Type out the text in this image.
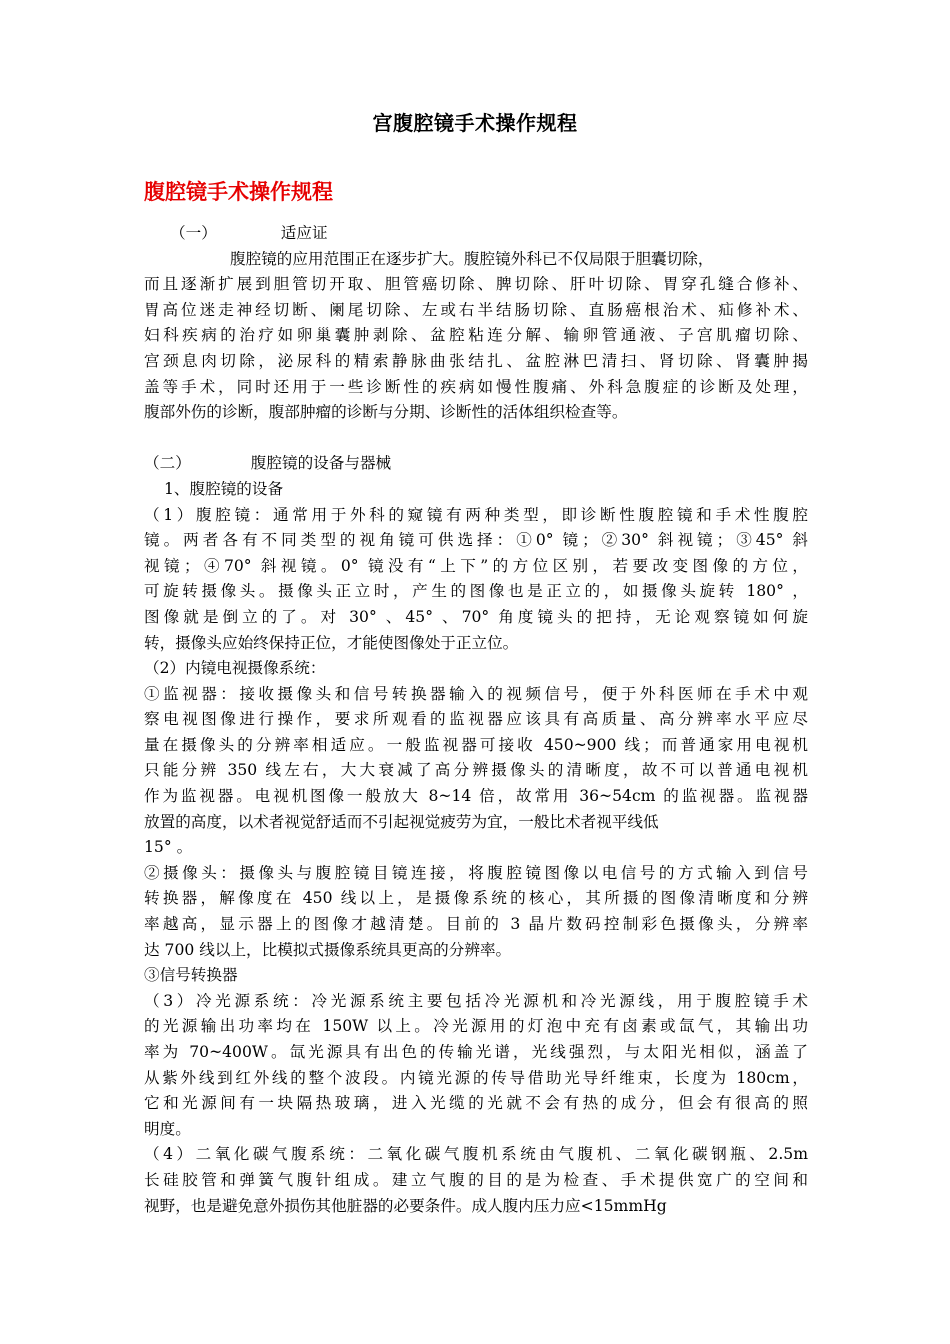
宫腹腔镜手术操作规程
腹腔镜手术操作规程
（一）	适应证
腹腔镜的应用范围正在逐步扩大。腹腔镜外科已不仅局限于胆囊切除，
而且逐渐扩展到胆管切开取、胆管癌切除、脾切除、肝叶切除、胃穿孔缝合修补、
胃高位迷走神经切断、阑尾切除、左或右半结肠切除、直肠癌根治术、疝修补术、
妇科疾病的治疗如卵巢囊肿剥除、盆腔粘连分解、输卵管通液、子宫肌瘤切除、
宫颈息肉切除，泌尿科的精索静脉曲张结扎、盆腔淋巴清扫、肾切除、肾囊肿揭
盖等手术，同时还用于一些诊断性的疾病如慢性腹痛、外科急腹症的诊断及处理，
腹部外伤的诊断，腹部肿瘤的诊断与分期、诊断性的活体组织检查等。
（二）	腹腔镜的设备与器械
1、腹腔镜的设备
（1）腹腔镜：通常用于外科的窥镜有两种类型，即诊断性腹腔镜和手术性腹腔
镜。两者各有不同类型的视角镜可供选择：①0° 镜；②30° 斜视镜；③45° 斜
视镜；④70° 斜视镜。0° 镜没有“上下”的方位区别，若要改变图像的方位，
可旋转摄像头。摄像头正立时，产生的图像也是正立的，如摄像头旋转 180° ，
图像就是倒立的了。对 30° 、45° 、70° 角度镜头的把持，无论观察镜如何旋
转，摄像头应始终保持正位，才能使图像处于正立位。
（2）内镜电视摄像系统：
①监视器：接收摄像头和信号转换器输入的视频信号，便于外科医师在手术中观
察电视图像进行操作，要求所观看的监视器应该具有高质量、高分辨率水平应尽
量在摄像头的分辨率相适应。一般监视器可接收 450~900 线；而普通家用电视机
只能分辨 350 线左右，大大衰减了高分辨摄像头的清晰度，故不可以普通电视机
作为监视器。电视机图像一般放大 8~14 倍，故常用 36~54cm 的监视器。监视器
放置的高度，以术者视觉舒适而不引起视觉疲劳为宜，一般比术者视平线低
15° 。
②摄像头：摄像头与腹腔镜目镜连接，将腹腔镜图像以电信号的方式输入到信号
转换器，解像度在 450 线以上，是摄像系统的核心，其所摄的图像清晰度和分辨
率越高，显示器上的图像才越清楚。目前的 3 晶片数码控制彩色摄像头，分辨率
达 700 线以上，比模拟式摄像系统具更高的分辨率。
③信号转换器
（3）冷光源系统：冷光源系统主要包括冷光源机和冷光源线，用于腹腔镜手术
的光源输出功率均在 150W 以上。冷光源用的灯泡中充有卤素或氙气，其输出功
率为 70~400W。氙光源具有出色的传输光谱，光线强烈，与太阳光相似，涵盖了
从紫外线到红外线的整个波段。内镜光源的传导借助光导纤维束，长度为 180cm，
它和光源间有一块隔热玻璃，进入光缆的光就不会有热的成分，但会有很高的照
明度。
（4）二氧化碳气腹系统：二氧化碳气腹机系统由气腹机、二氧化碳钢瓶、2.5m
长硅胶管和弹簧气腹针组成。建立气腹的目的是为检查、手术提供宽广的空间和
视野，也是避免意外损伤其他脏器的必要条件。成人腹内压力应<15mmHg
